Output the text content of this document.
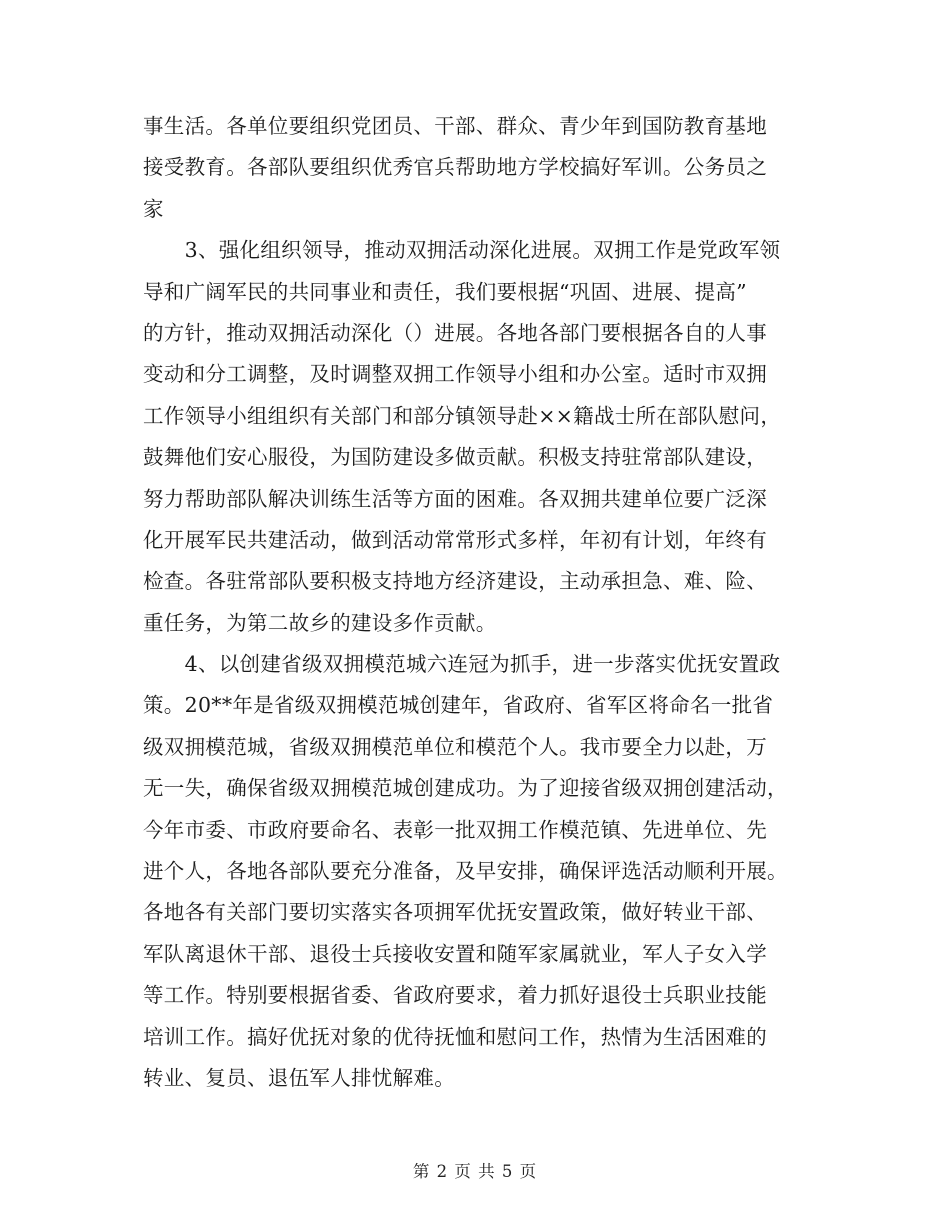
事生活。各单位要组织党团员、干部、群众、青少年到国防教育基地
接受教育。各部队要组织优秀官兵帮助地方学校搞好军训。公务员之
家
　　3、强化组织领导，推动双拥活动深化进展。双拥工作是党政军领
导和广阔军民的共同事业和责任，我们要根据“巩固、进展、提高”
的方针，推动双拥活动深化（）进展。各地各部门要根据各自的人事
变动和分工调整，及时调整双拥工作领导小组和办公室。适时市双拥
工作领导小组组织有关部门和部分镇领导赴××籍战士所在部队慰问，
鼓舞他们安心服役，为国防建设多做贡献。积极支持驻常部队建设，
努力帮助部队解决训练生活等方面的困难。各双拥共建单位要广泛深
化开展军民共建活动，做到活动常常形式多样，年初有计划，年终有
检查。各驻常部队要积极支持地方经济建设，主动承担急、难、险、
重任务，为第二故乡的建设多作贡献。
　　4、以创建省级双拥模范城六连冠为抓手，进一步落实优抚安置政
策。20**年是省级双拥模范城创建年，省政府、省军区将命名一批省
级双拥模范城，省级双拥模范单位和模范个人。我市要全力以赴，万
无一失，确保省级双拥模范城创建成功。为了迎接省级双拥创建活动，
今年市委、市政府要命名、表彰一批双拥工作模范镇、先进单位、先
进个人，各地各部队要充分准备，及早安排，确保评选活动顺利开展。
各地各有关部门要切实落实各项拥军优抚安置政策，做好转业干部、
军队离退休干部、退役士兵接收安置和随军家属就业，军人子女入学
等工作。特别要根据省委、省政府要求，着力抓好退役士兵职业技能
培训工作。搞好优抚对象的优待抚恤和慰问工作，热情为生活困难的
转业、复员、退伍军人排忧解难。
第 2 页 共 5 页
